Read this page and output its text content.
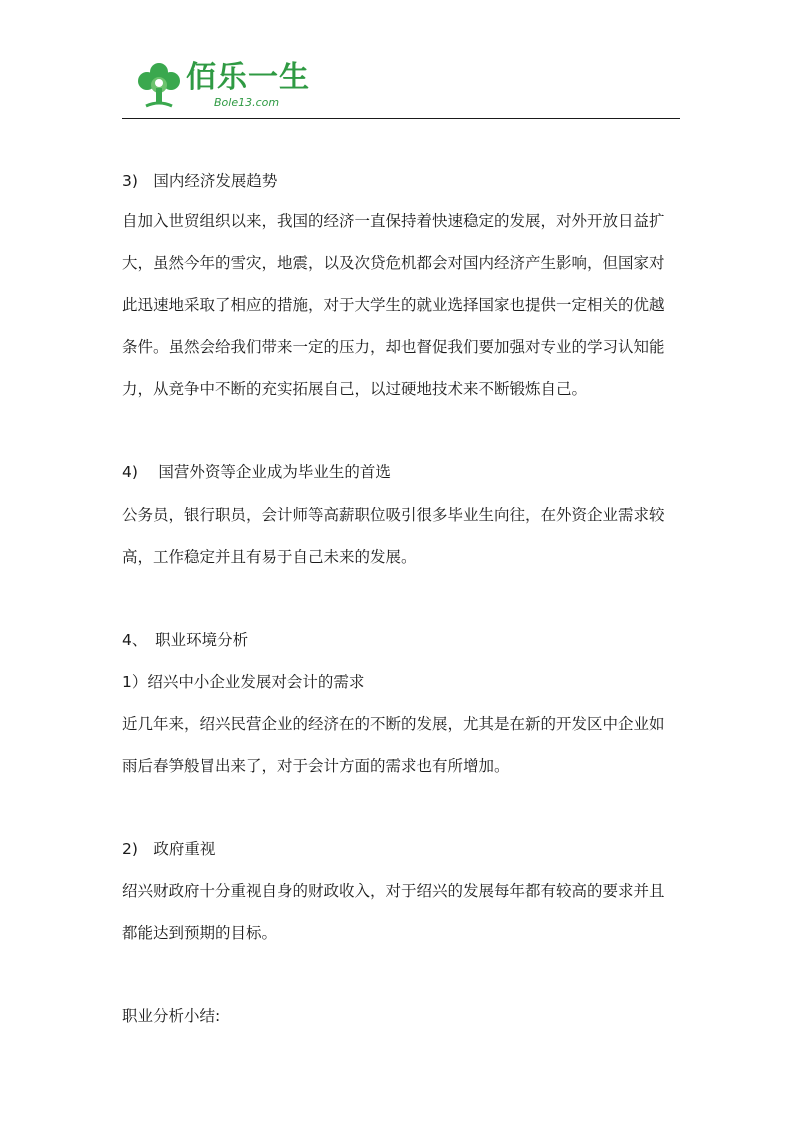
佰乐一生
Bole13.com

3)　国内经济发展趋势

自加入世贸组织以来，我国的经济一直保持着快速稳定的发展，对外开放日益扩

大，虽然今年的雪灾，地震，以及次贷危机都会对国内经济产生影响，但国家对

此迅速地采取了相应的措施，对于大学生的就业选择国家也提供一定相关的优越

条件。虽然会给我们带来一定的压力，却也督促我们要加强对专业的学习认知能

力，从竞争中不断的充实拓展自己，以过硬地技术来不断锻炼自己。

4)　 国营外资等企业成为毕业生的首选

公务员，银行职员，会计师等高薪职位吸引很多毕业生向往，在外资企业需求较

高，工作稳定并且有易于自己未来的发展。

4、　职业环境分析

1）绍兴中小企业发展对会计的需求

近几年来，绍兴民营企业的经济在的不断的发展，尤其是在新的开发区中企业如

雨后春笋般冒出来了，对于会计方面的需求也有所增加。

2)　政府重视

绍兴财政府十分重视自身的财政收入，对于绍兴的发展每年都有较高的要求并且

都能达到预期的目标。

职业分析小结:
